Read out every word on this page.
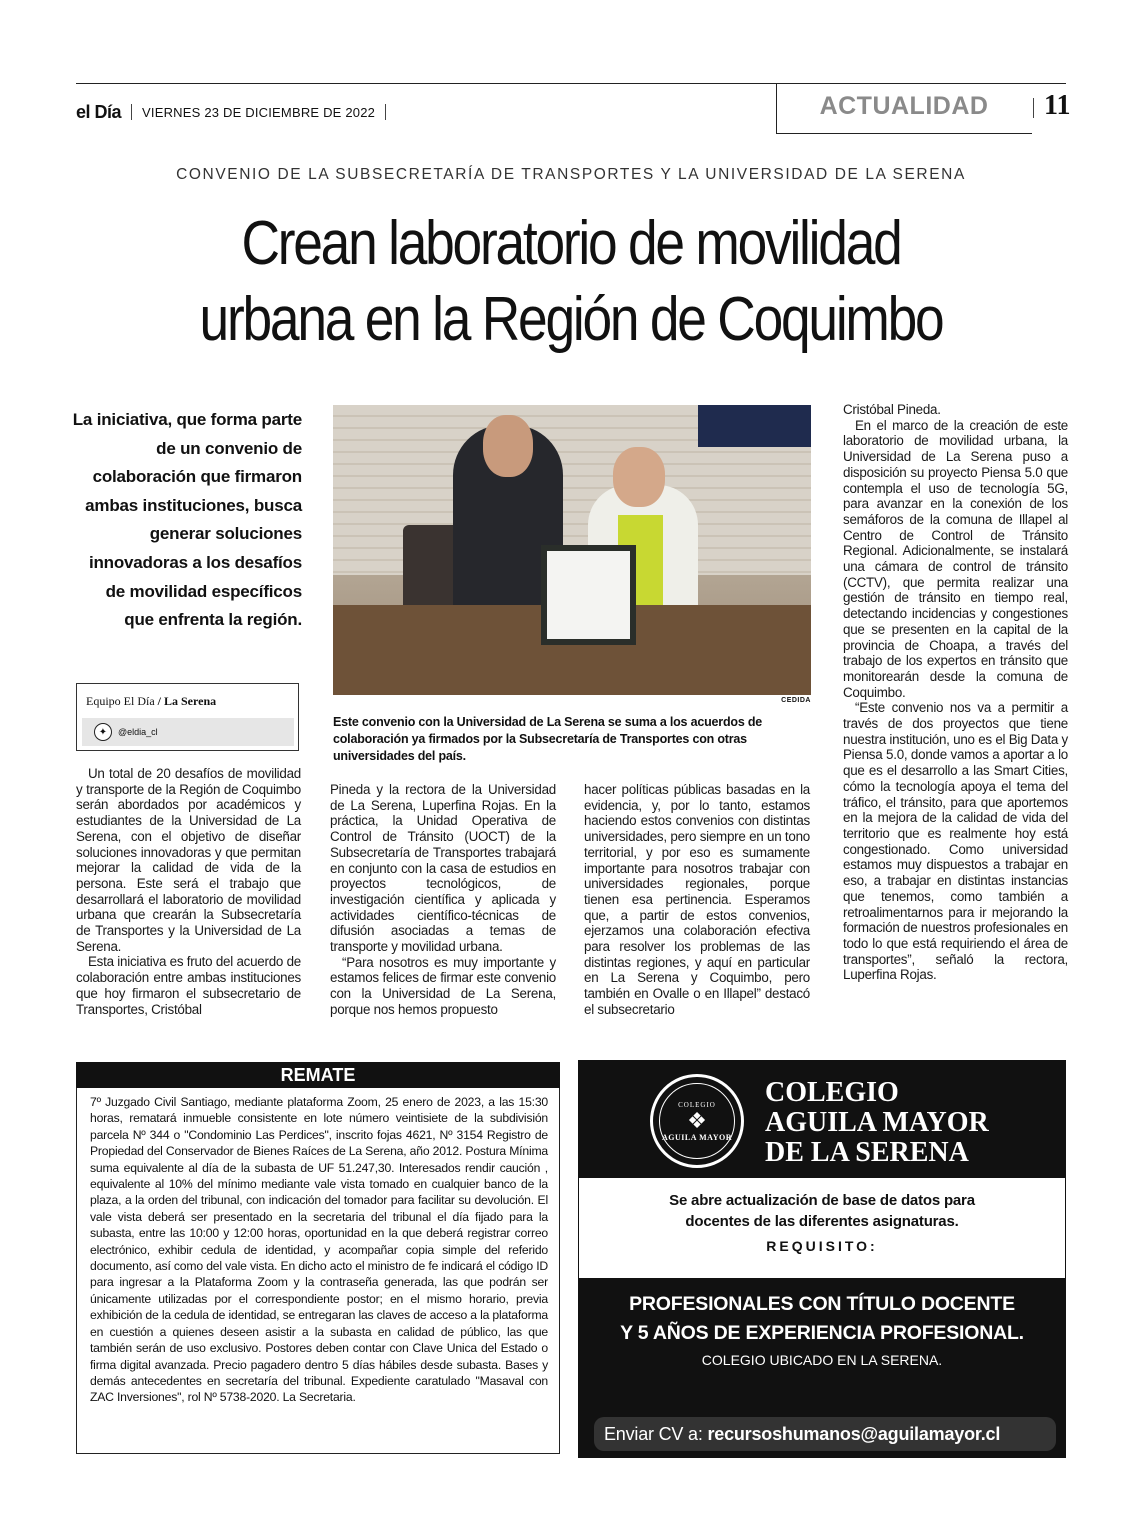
el Día VIERNES 23 DE DICIEMBRE DE 2022	ACTUALIDAD	11
CONVENIO DE LA SUBSECRETARÍA DE TRANSPORTES Y LA UNIVERSIDAD DE LA SERENA
Crean laboratorio de movilidad
urbana en la Región de Coquimbo
La iniciativa, que forma parte de un convenio de colaboración que firmaron ambas instituciones, busca generar soluciones innovadoras a los desafíos de movilidad específicos que enfrenta la región.
Equipo El Día / La Serena
✦	@eldia_cl
CEDIDA
Este convenio con la Universidad de La Serena se suma a los acuerdos de colaboración ya firmados por la Subsecretaría de Transportes con otras universidades del país.

Un total de 20 desafíos de movilidad y transporte de la Región de Coquimbo serán abordados por académicos y estudiantes de la Universidad de La Serena, con el objetivo de diseñar soluciones innovadoras y que permitan mejorar la calidad de vida de la persona. Este será el trabajo que desarrollará el laboratorio de movilidad urbana que crearán la Subsecretaría de Transportes y la Universidad de La Serena.

Esta iniciativa es fruto del acuerdo de colaboración entre ambas instituciones que hoy firmaron el subsecretario de Transportes, Cristóbal

Pineda y la rectora de la Universidad de La Serena, Luperfina Rojas. En la práctica, la Unidad Operativa de Control de Tránsito (UOCT) de la Subsecretaría de Transportes trabajará en conjunto con la casa de estudios en proyectos tecnológicos, de investigación científica y aplicada y actividades científico-técnicas de difusión asociadas a temas de transporte y movilidad urbana.

“Para nosotros es muy importante y estamos felices de firmar este convenio con la Universidad de La Serena, porque nos hemos propuesto

hacer políticas públicas basadas en la evidencia, y, por lo tanto, estamos haciendo estos convenios con distintas universidades, pero siempre en un tono territorial, y por eso es sumamente importante para nosotros trabajar con universidades regionales, porque tienen esa pertinencia. Esperamos que, a partir de estos convenios, ejerzamos una colaboración efectiva para resolver los problemas de las distintas regiones, y aquí en particular en La Serena y Coquimbo, pero también en Ovalle o en Illapel” destacó el subsecretario

Cristóbal Pineda.

En el marco de la creación de este laboratorio de movilidad urbana, la Universidad de La Serena puso a disposición su proyecto Piensa 5.0 que contempla el uso de tecnología 5G, para avanzar en la conexión de los semáforos de la comuna de Illapel al Centro de Control de Tránsito Regional. Adicionalmente, se instalará una cámara de control de tránsito (CCTV), que permita realizar una gestión de tránsito en tiempo real, detectando incidencias y congestiones que se presenten en la capital de la provincia de Choapa, a través del trabajo de los expertos en tránsito que monitorearán desde la comuna de Coquimbo.

“Este convenio nos va a permitir a través de dos proyectos que tiene nuestra institución, uno es el Big Data y Piensa 5.0, donde vamos a aportar a lo que es el desarrollo a las Smart Cities, cómo la tecnología apoya el tema del tráfico, el tránsito, para que aportemos en la mejora de la calidad de vida del territorio que es realmente hoy está congestionado. Como universidad estamos muy dispuestos a trabajar en eso, a trabajar en distintas instancias que tenemos, como también a retroalimentarnos para ir mejorando la formación de nuestros profesionales en todo lo que está requiriendo el área de transportes”, señaló la rectora, Luperfina Rojas.

REMATE
7º Juzgado Civil Santiago, mediante plataforma Zoom, 25 enero de 2023, a las 15:30 horas, rematará inmueble consistente en lote número veintisiete de la subdivisión parcela Nº 344 o "Condominio Las Perdices", inscrito fojas 4621, Nº 3154 Registro de Propiedad del Conservador de Bienes Raíces de La Serena, año 2012. Postura Mínima suma equivalente al día de la subasta de UF 51.247,30. Interesados rendir caución , equivalente al 10% del mínimo mediante vale vista tomado en cualquier banco de la plaza, a la orden del tribunal, con indicación del tomador para facilitar su devolución. El vale vista deberá ser presentado en la secretaria del tribunal el día fijado para la subasta, entre las 10:00 y 12:00 horas, oportunidad en la que deberá registrar correo electrónico, exhibir cedula de identidad, y acompañar copia simple del referido documento, así como del vale vista. En dicho acto el ministro de fe indicará el código ID para ingresar a la Plataforma Zoom y la contraseña generada, las que podrán ser únicamente utilizadas por el correspondiente postor; en el mismo horario, previa exhibición de la cedula de identidad, se entregaran las claves de acceso a la plataforma en cuestión a quienes deseen asistir a la subasta en calidad de público, las que también serán de uso exclusivo. Postores deben contar con Clave Unica del Estado o firma digital avanzada. Precio pagadero dentro 5 días hábiles desde subasta. Bases y demás antecedentes en secretaría del tribunal. Expediente caratulado "Masaval con ZAC Inversiones", rol Nº 5738-2020. La Secretaria.
COLEGIO
❖
AGUILA MAYOR
COLEGIO
AGUILA MAYOR
DE LA SERENA
Se abre actualización de base de datos para
docentes de las diferentes asignaturas.
REQUISITO:
PROFESIONALES CON TÍTULO DOCENTE
Y 5 AÑOS DE EXPERIENCIA PROFESIONAL.
COLEGIO UBICADO EN LA SERENA.
Enviar CV a: recursoshumanos@aguilamayor.cl
